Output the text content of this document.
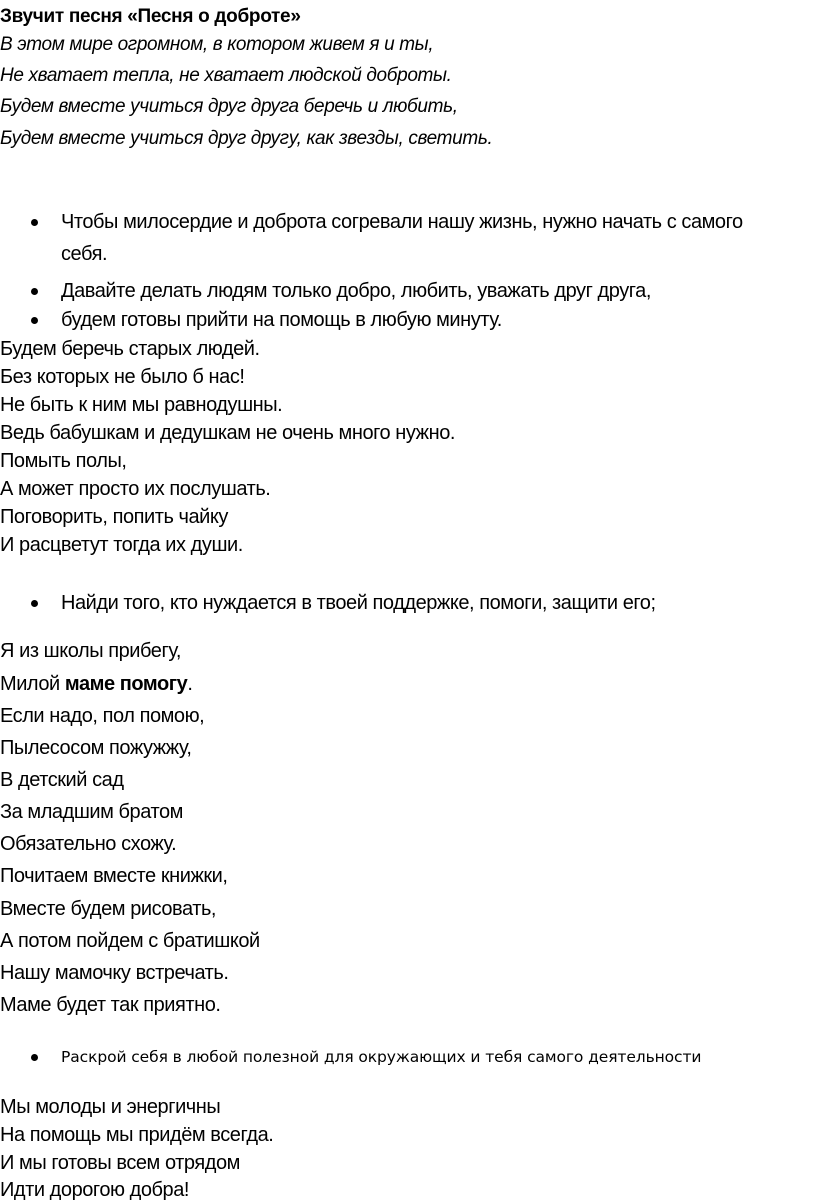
Звучит песня «Песня о доброте»
В этом мире огромном, в котором живем я и ты,
Не хватает тепла, не хватает людской доброты.
Будем вместе учиться друг друга беречь и любить,
Будем вместе учиться друг другу, как звезды, светить.
Чтобы милосердие и доброта согревали нашу жизнь, нужно начать с самого
себя.
Давайте делать людям только добро, любить, уважать друг друга,
будем готовы прийти на помощь в любую минуту.
Будем беречь старых людей.
Без которых не было б нас!
Не быть к ним мы равнодушны.
Ведь бабушкам и дедушкам не очень много нужно.
Помыть полы,
А может просто их послушать.
Поговорить, попить чайку
И расцветут тогда их души.
Найди того, кто нуждается в твоей поддержке, помоги, защити его;
Я из школы прибегу,
Милой маме помогу.
Если надо, пол помою,
Пылесосом пожужжу,
В детский сад
За младшим братом
Обязательно схожу.
Почитаем вместе книжки,
Вместе будем рисовать,
А потом пойдем с братишкой
Нашу мамочку встречать.
Маме будет так приятно.
Раскрой себя в любой полезной для окружающих и тебя самого деятельности
Мы молоды и энергичны
На помощь мы придём всегда.
И мы готовы всем отрядом
Идти дорогою добра!
